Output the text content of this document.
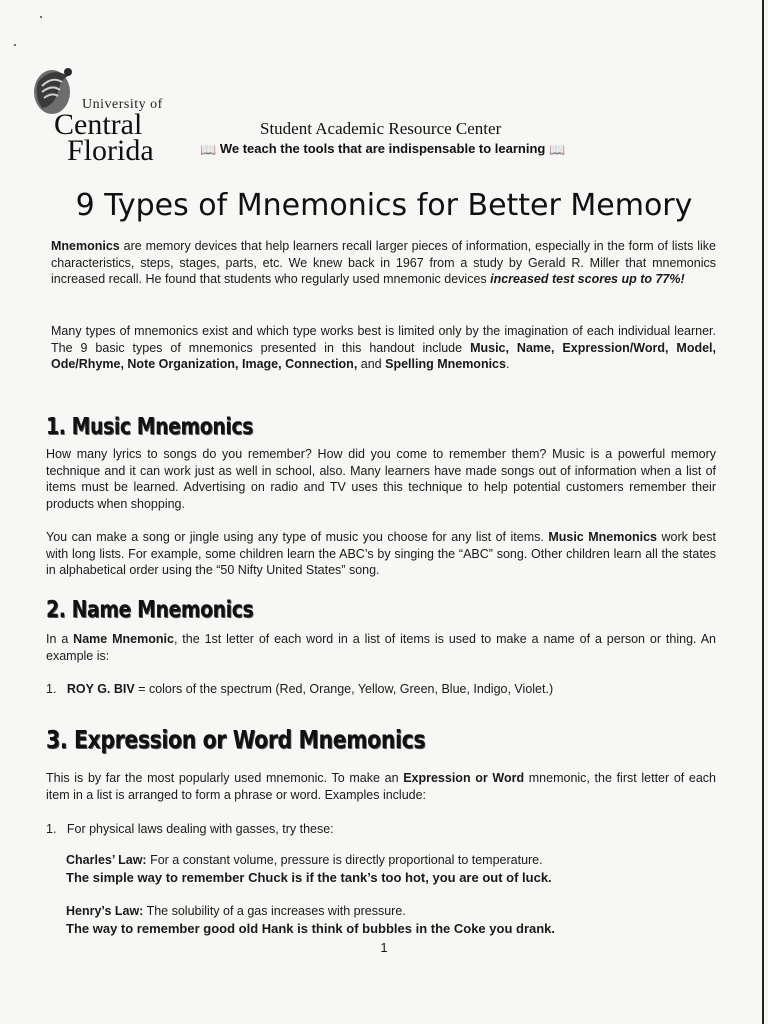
University of
Central
Florida
Student Academic Resource Center
📖 We teach the tools that are indispensable to learning 📖
9 Types of Mnemonics for Better Memory

Mnemonics are memory devices that help learners recall larger pieces of information, especially in the form of lists like characteristics, steps, stages, parts, etc. We knew back in 1967 from a study by Gerald R. Miller that mnemonics increased recall. He found that students who regularly used mnemonic devices increased test scores up to 77%!

Many types of mnemonics exist and which type works best is limited only by the imagination of each individual learner. The 9 basic types of mnemonics presented in this handout include Music, Name, Expression/Word, Model, Ode/Rhyme, Note Organization, Image, Connection, and Spelling Mnemonics.

1. Music Mnemonics

How many lyrics to songs do you remember? How did you come to remember them? Music is a powerful memory technique and it can work just as well in school, also. Many learners have made songs out of information when a list of items must be learned. Advertising on radio and TV uses this technique to help potential customers remember their products when shopping.

You can make a song or jingle using any type of music you choose for any list of items. Music Mnemonics work best with long lists. For example, some children learn the ABC’s by singing the “ABC” song. Other children learn all the states in alphabetical order using the “50 Nifty United States” song.

2. Name Mnemonics

In a Name Mnemonic, the 1st letter of each word in a list of items is used to make a name of a person or thing. An example is:

1. ROY G. BIV = colors of the spectrum (Red, Orange, Yellow, Green, Blue, Indigo, Violet.)

3. Expression or Word Mnemonics

This is by far the most popularly used mnemonic. To make an Expression or Word mnemonic, the first letter of each item in a list is arranged to form a phrase or word. Examples include:

1. For physical laws dealing with gasses, try these:

Charles’ Law: For a constant volume, pressure is directly proportional to temperature.
The simple way to remember Chuck is if the tank’s too hot, you are out of luck.

Henry’s Law: The solubility of a gas increases with pressure.
The way to remember good old Hank is think of bubbles in the Coke you drank.

1
